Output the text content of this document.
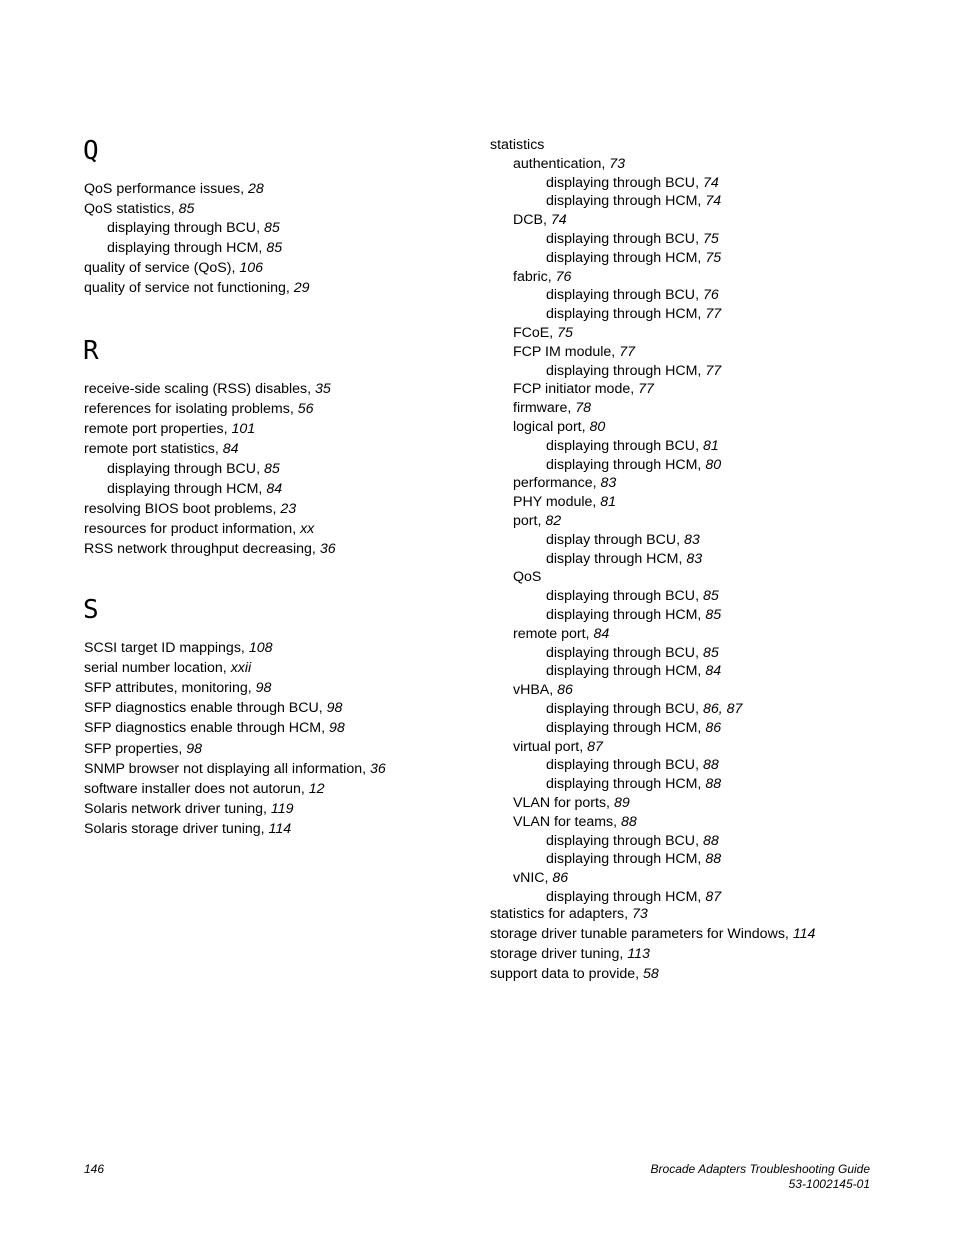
Q
QoS performance issues, 28
QoS statistics, 85
displaying through BCU, 85
displaying through HCM, 85
quality of service (QoS), 106
quality of service not functioning, 29
R
receive-side scaling (RSS) disables, 35
references for isolating problems, 56
remote port properties, 101
remote port statistics, 84
displaying through BCU, 85
displaying through HCM, 84
resolving BIOS boot problems, 23
resources for product information, xx
RSS network throughput decreasing, 36
S
SCSI target ID mappings, 108
serial number location, xxii
SFP attributes, monitoring, 98
SFP diagnostics enable through BCU, 98
SFP diagnostics enable through HCM, 98
SFP properties, 98
SNMP browser not displaying all information, 36
software installer does not autorun, 12
Solaris network driver tuning, 119
Solaris storage driver tuning, 114
statistics
authentication, 73
displaying through BCU, 74
displaying through HCM, 74
DCB, 74
displaying through BCU, 75
displaying through HCM, 75
fabric, 76
displaying through BCU, 76
displaying through HCM, 77
FCoE, 75
FCP IM module, 77
displaying through HCM, 77
FCP initiator mode, 77
firmware, 78
logical port, 80
displaying through BCU, 81
displaying through HCM, 80
performance, 83
PHY module, 81
port, 82
display through BCU, 83
display through HCM, 83
QoS
displaying through BCU, 85
displaying through HCM, 85
remote port, 84
displaying through BCU, 85
displaying through HCM, 84
vHBA, 86
displaying through BCU, 86, 87
displaying through HCM, 86
virtual port, 87
displaying through BCU, 88
displaying through HCM, 88
VLAN for ports, 89
VLAN for teams, 88
displaying through BCU, 88
displaying through HCM, 88
vNIC, 86
displaying through HCM, 87
statistics for adapters, 73
storage driver tunable parameters for Windows, 114
storage driver tuning, 113
support data to provide, 58
146	Brocade Adapters Troubleshooting Guide
53-1002145-01
